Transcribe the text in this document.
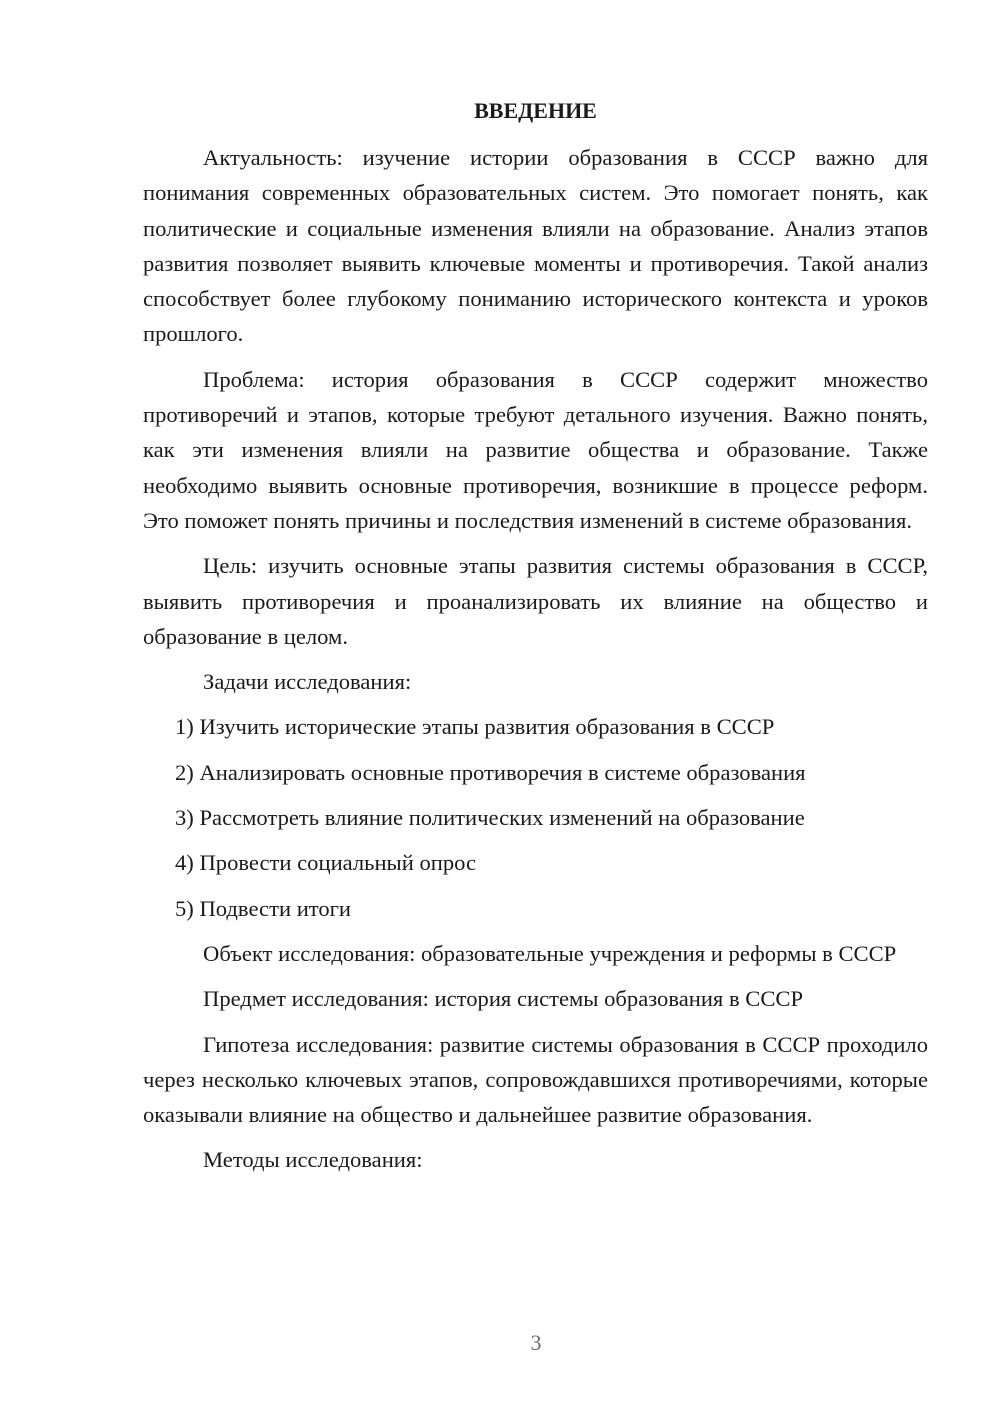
ВВЕДЕНИЕ

Актуальность: изучение истории образования в СССР важно для понимания современных образовательных систем. Это помогает понять, как политические и социальные изменения влияли на образование. Анализ этапов развития позволяет выявить ключевые моменты и противоречия. Такой анализ способствует более глубокому пониманию исторического контекста и уроков прошлого.

Проблема: история образования в СССР содержит множество противоречий и этапов, которые требуют детального изучения. Важно понять, как эти изменения влияли на развитие общества и образование. Также необходимо выявить основные противоречия, возникшие в процессе реформ. Это поможет понять причины и последствия изменений в системе образования.

Цель: изучить основные этапы развития системы образования в СССР, выявить противоречия и проанализировать их влияние на общество и образование в целом.

Задачи исследования:

1) Изучить исторические этапы развития образования в СССР

2) Анализировать основные противоречия в системе образования

3) Рассмотреть влияние политических изменений на образование

4) Провести социальный опрос

5) Подвести итоги

Объект исследования: образовательные учреждения и реформы в СССР

Предмет исследования: история системы образования в СССР

Гипотеза исследования: развитие системы образования в СССР проходило через несколько ключевых этапов, сопровождавшихся противоречиями, которые оказывали влияние на общество и дальнейшее развитие образования.

Методы исследования:

3
